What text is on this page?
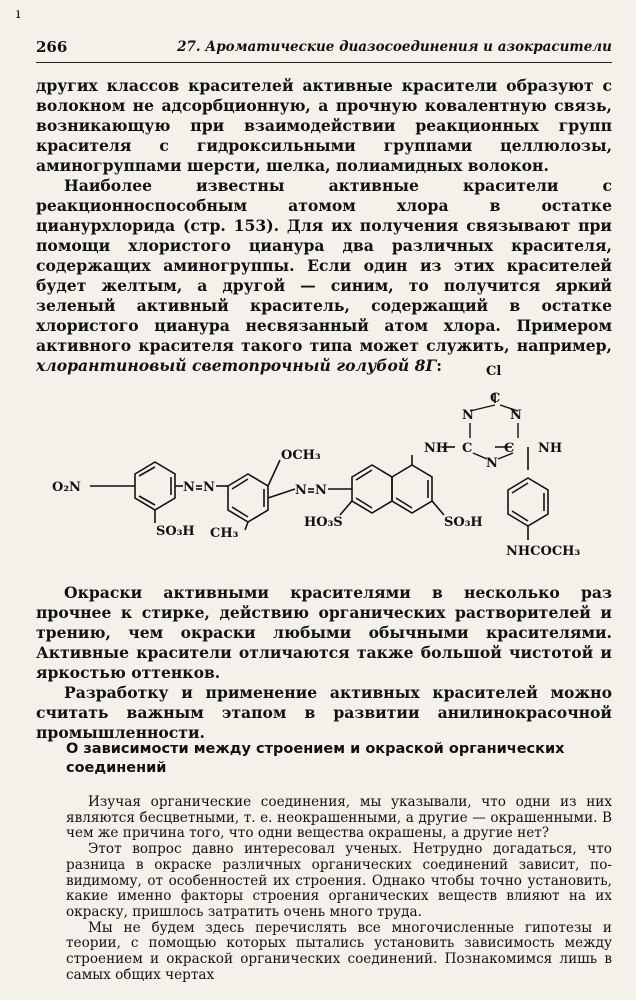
ı
266	27. Ароматические диазосоединения и азокрасители

других классов красителей активные красители образуют с волокном не адсорбционную, а прочную ковалентную связь, возникающую при взаимодействии реакционных групп красителя с гидроксильными группами целлюлозы, аминогруппами шерсти, шелка, полиамидных волокон.

Наиболее известны активные красители с реакционноспособным атомом хлора в остатке цианурхлорида (стр. 153). Для их получения связывают при помощи хлористого цианура два различных красителя, содержащих аминогруппы. Если один из этих красителей будет желтым, а другой — синим, то получится яркий зеленый активный краситель, содержащий в остатке хлористого цианура несвязанный атом хлора. Примером активного красителя такого типа может служить, например, хлорантиновый светопрочный голубой 8Г:

O₂N	N N
SO₃H
OCH₃
CH₃
N N
HO₃S	SO₃H
NH
Cl
C
N	N
N
C C NH
NHCOCH₃

Окраски активными красителями в несколько раз прочнее к стирке, действию органических растворителей и трению, чем окраски любыми обычными красителями. Активные красители отличаются также большой чистотой и яркостью оттенков.

Разработку и применение активных красителей можно считать важным этапом в развитии анилинокрасочной промышленности.

О зависимости между строением и окраской органических соединений

Изучая органические соединения, мы указывали, что одни из них являются бесцветными, т. е. неокрашенными, а другие — окрашенными. В чем же причина того, что одни вещества окрашены, а другие нет?

Этот вопрос давно интересовал ученых. Нетрудно догадаться, что разница в окраске различных органических соединений зависит, по-видимому, от особенностей их строения. Однако чтобы точно установить, какие именно факторы строения органических веществ влияют на их окраску, пришлось затратить очень много труда.

Мы не будем здесь перечислять все многочисленные гипотезы и теории, с помощью которых пытались установить зависимость между строением и окраской органических соединений. Познакомимся лишь в самых общих чертах
